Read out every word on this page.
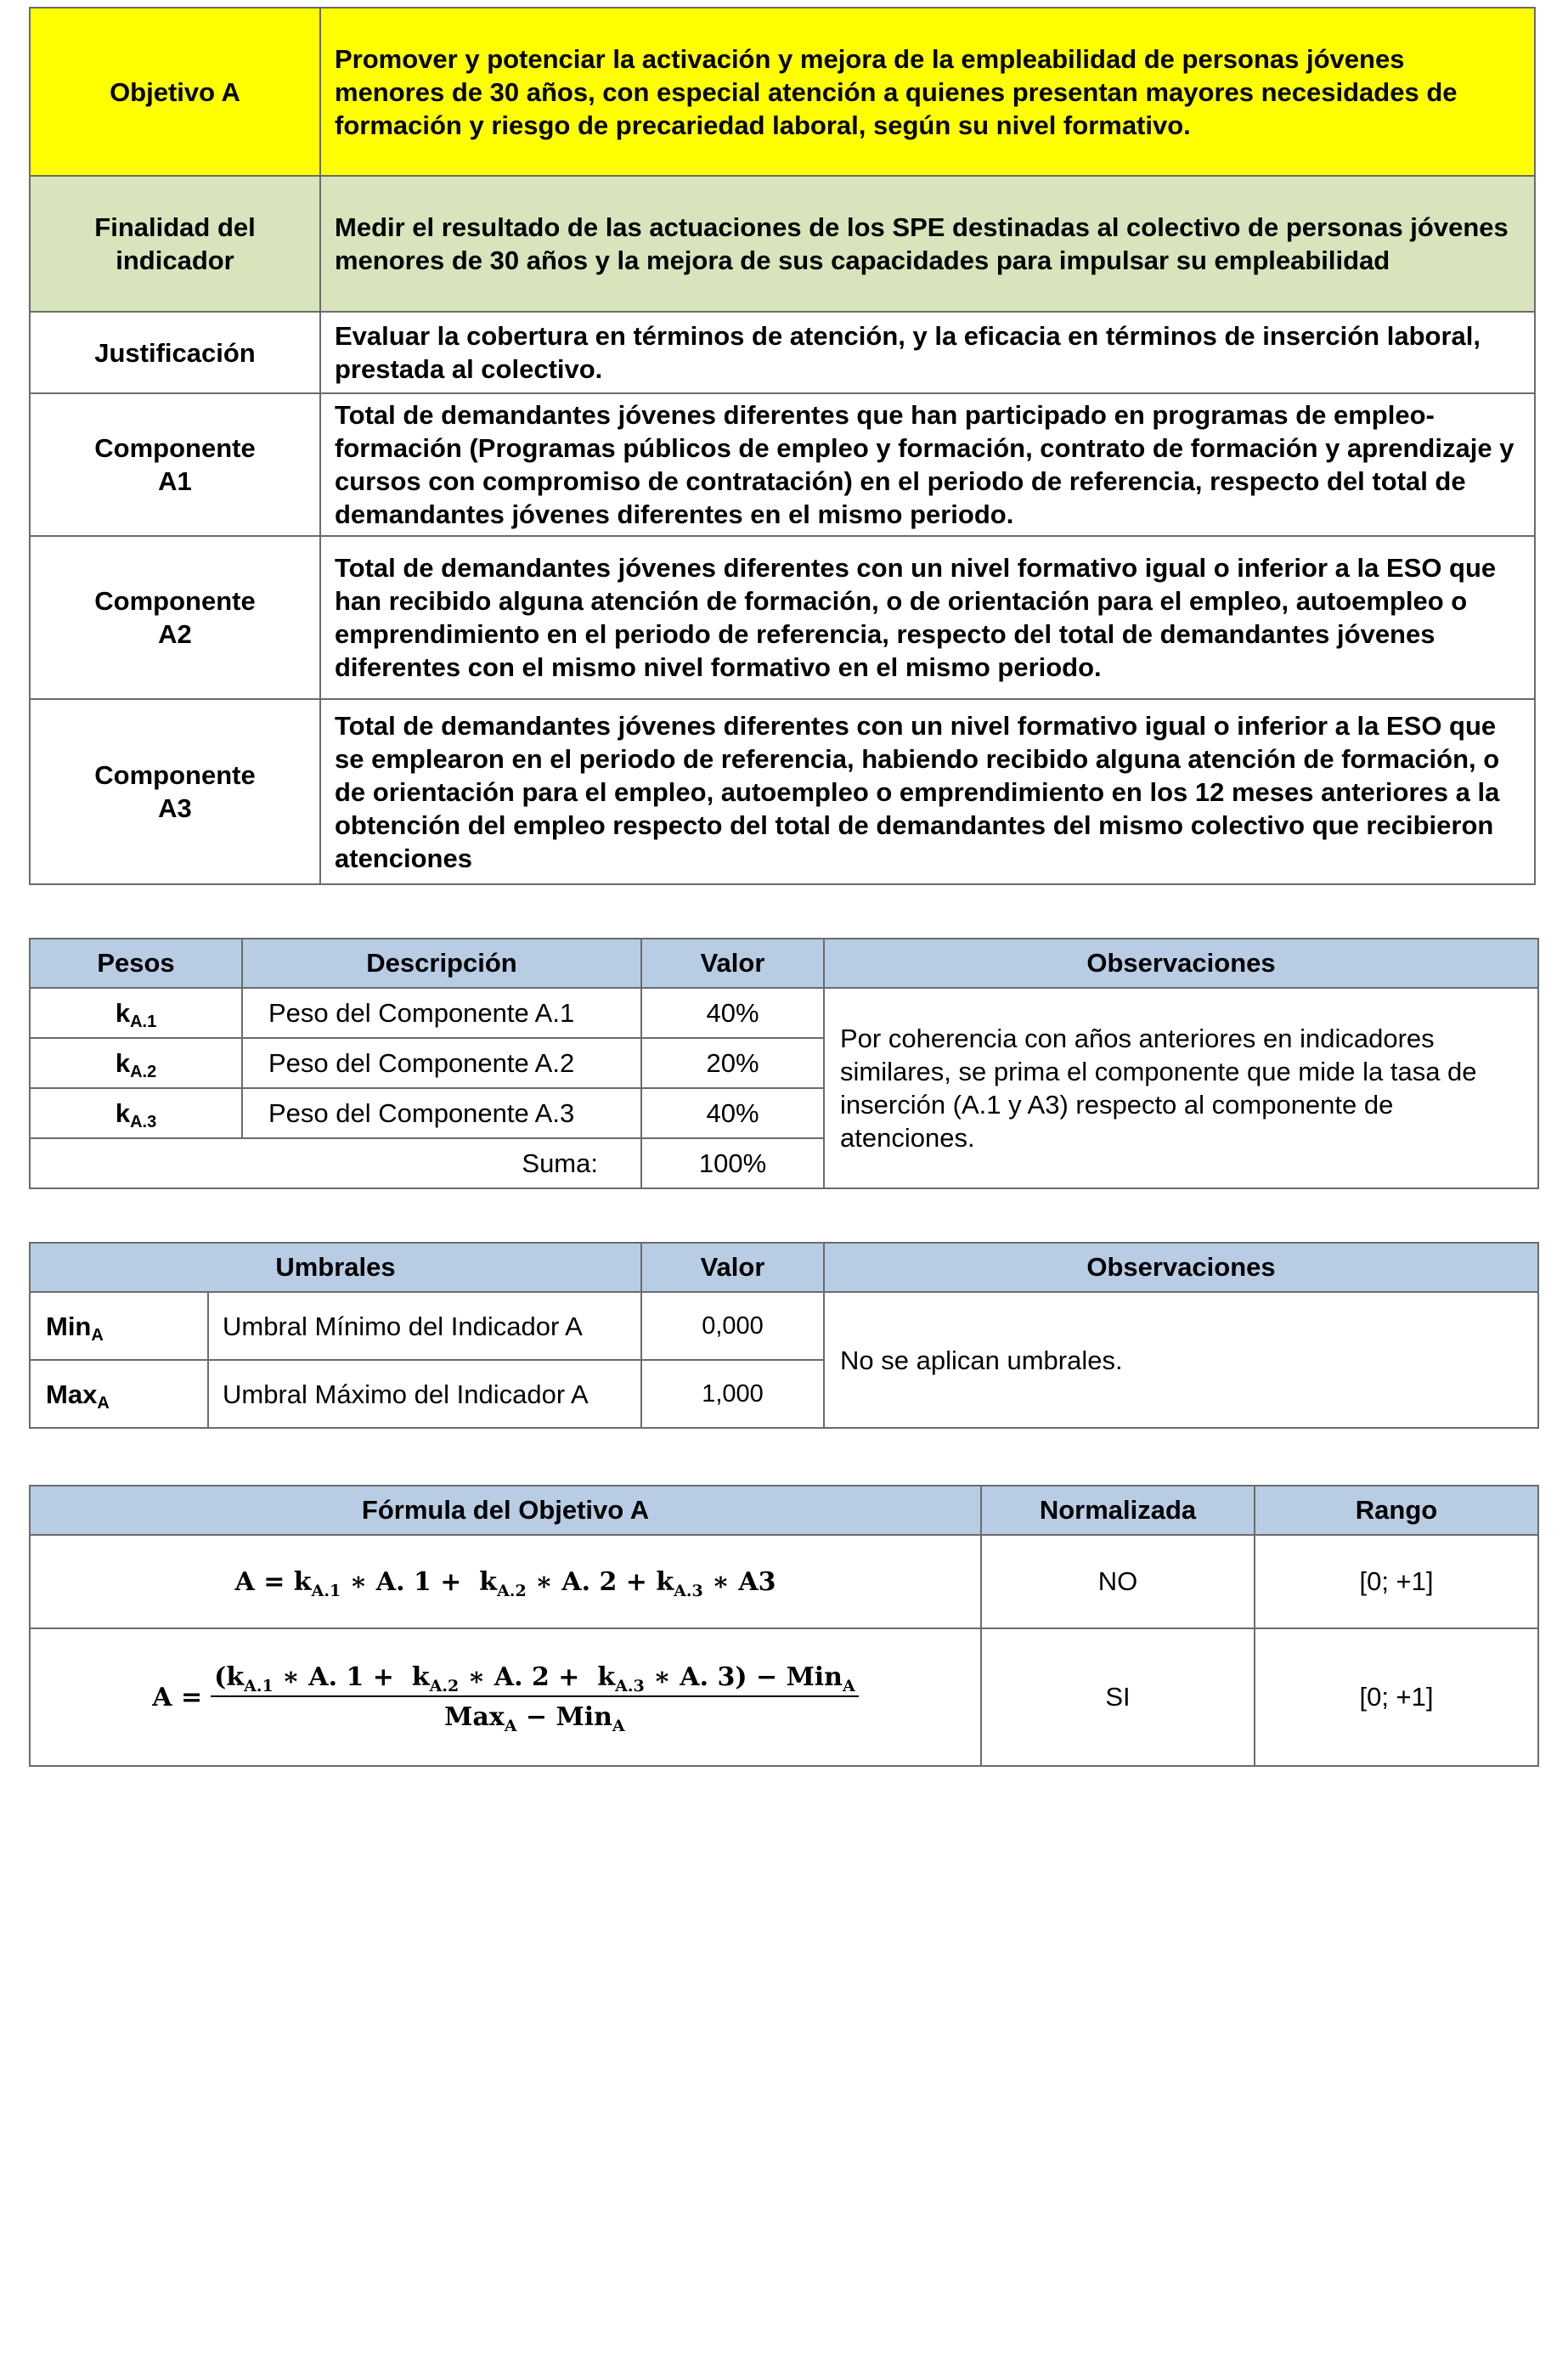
Objetivo A	Promover y potenciar la activación y mejora de la empleabilidad de personas jóvenes menores de 30 años, con especial atención a quienes presentan mayores necesidades de formación y riesgo de precariedad laboral, según su nivel formativo.
Finalidad del indicador	Medir el resultado de las actuaciones de los SPE destinadas al colectivo de personas jóvenes menores de 30 años y la mejora de sus capacidades para impulsar su empleabilidad
Justificación	Evaluar la cobertura en términos de atención, y la eficacia en términos de inserción laboral, prestada al colectivo.
Componente A1	Total de demandantes jóvenes diferentes que han participado en programas de empleo-formación (Programas públicos de empleo y formación, contrato de formación y aprendizaje y cursos con compromiso de contratación) en el periodo de referencia, respecto del total de demandantes jóvenes diferentes en el mismo periodo.
Componente A2	Total de demandantes jóvenes diferentes con un nivel formativo igual o inferior a la ESO que han recibido alguna atención de formación, o de orientación para el empleo, autoempleo o emprendimiento en el periodo de referencia, respecto del total de demandantes jóvenes diferentes con el mismo nivel formativo en el mismo periodo.
Componente A3	Total de demandantes jóvenes diferentes con un nivel formativo igual o inferior a la ESO que se emplearon en el periodo de referencia, habiendo recibido alguna atención de formación, o de orientación para el empleo, autoempleo o emprendimiento en los 12 meses anteriores a la obtención del empleo respecto del total de demandantes del mismo colectivo que recibieron atenciones
Pesos	Descripción	Valor	Observaciones
$k_{A.1}$	Peso del Componente A.1	40%	Por coherencia con años anteriores en indicadores similares, se prima el componente que mide la tasa de inserción (A.1 y A3) respecto al componente de atenciones.
$k_{A.2}$	Peso del Componente A.2	20%	
$k_{A.3}$	Peso del Componente A.3	40%	
Suma:		100%	
Umbrales		Valor	Observaciones
Min$_A$	Umbral Mínimo del Indicador A	0,000	No se aplican umbrales.
Max$_A$	Umbral Máximo del Indicador A	1,000	
Fórmula del Objetivo A	Normalizada	Rango
$A = k_{A.1}$ ∗ A. $1 + k_{A.2}$ ∗ A. $2 + k_{A.3}$ ∗ A3	NO	[0; +1]
$A = \frac{(k_{A.1} ∗ A. 1 + k_{A.2} ∗ A. 2 + k_{A.3} ∗ A. 3) - Min_A}{Max_A - Min_A}$	SI	[0; +1]
